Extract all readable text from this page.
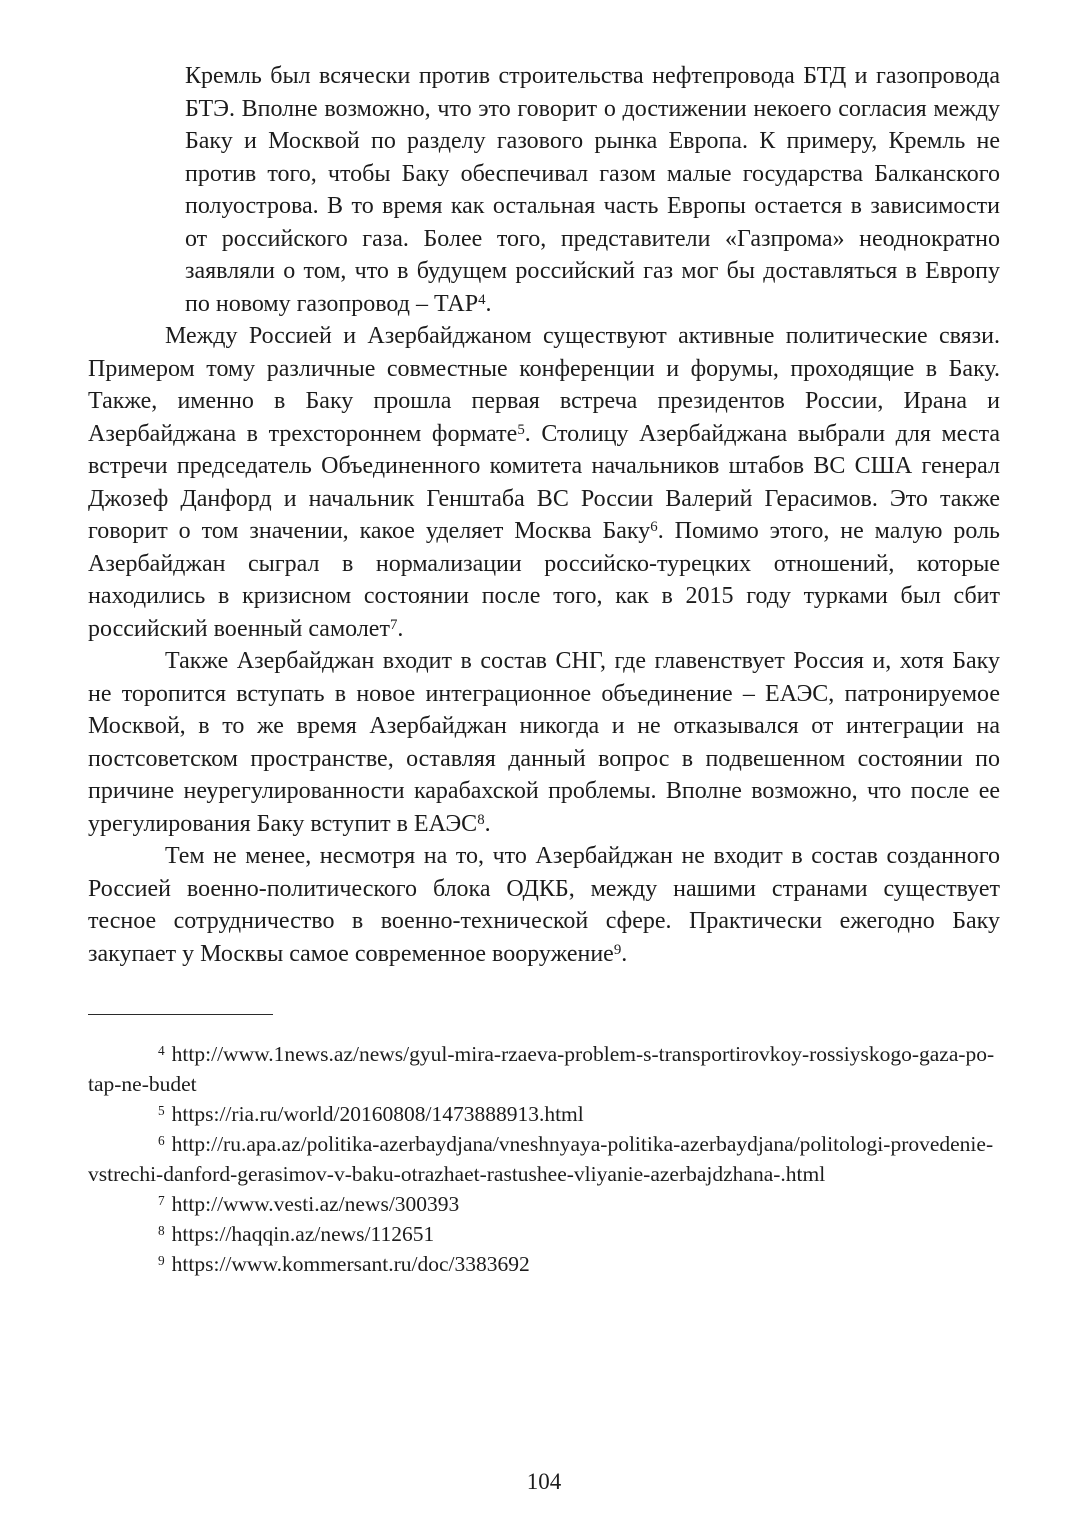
Кремль был всячески против строительства нефтепровода БТД и газопровода БТЭ. Вполне возможно, что это говорит о достижении некоего согласия между Баку и Москвой по разделу газового рынка Европа. К примеру, Кремль не против того, чтобы Баку обеспечивал газом малые государства Балканского полуострова. В то время как остальная часть Европы остается в зависимости от российского газа. Более того, представители «Газпрома» неоднократно заявляли о том, что в будущем российский газ мог бы доставляться в Европу по новому газопровод – ТАР$^4$.

Между Россией и Азербайджаном существуют активные политические связи. Примером тому различные совместные конференции и форумы, проходящие в Баку. Также, именно в Баку прошла первая встреча президентов России, Ирана и Азербайджана в трехстороннем формате$^5$. Столицу Азербайджана выбрали для места встречи председатель Объединенного комитета начальников штабов ВС США генерал Джозеф Данфорд и начальник Генштаба ВС России Валерий Герасимов. Это также говорит о том значении, какое уделяет Москва Баку$^6$. Помимо этого, не малую роль Азербайджан сыграл в нормализации российско-турецких отношений, которые находились в кризисном состоянии после того, как в 2015 году турками был сбит российский военный самолет$^7$.

Также Азербайджан входит в состав СНГ, где главенствует Россия и, хотя Баку не торопится вступать в новое интеграционное объединение – ЕАЭС, патронируемое Москвой, в то же время Азербайджан никогда и не отказывался от интеграции на постсоветском пространстве, оставляя данный вопрос в подвешенном состоянии по причине неурегулированности карабахской проблемы. Вполне возможно, что после ее урегулирования Баку вступит в ЕАЭС$^8$.

Тем не менее, несмотря на то, что Азербайджан не входит в состав созданного Россией военно-политического блока ОДКБ, между нашими странами существует тесное сотрудничество в военно-технической сфере. Практически ежегодно Баку закупает у Москвы самое современное вооружение$^9$.

$^4$ http://www.1news.az/news/gyul-mira-rzaeva-problem-s-transportirovkoy-rossiyskogo-gaza-po-tap-ne-budet

$^5$ https://ria.ru/world/20160808/1473888913.html

$^6$ http://ru.apa.az/politika-azerbaydjana/vneshnyaya-politika-azerbaydjana/politologi-provedenie-vstrechi-danford-gerasimov-v-baku-otrazhaet-rastushee-vliyanie-azerbajdzhana-.html

$^7$ http://www.vesti.az/news/300393

$^8$ https://haqqin.az/news/112651

$^9$ https://www.kommersant.ru/doc/3383692

104
